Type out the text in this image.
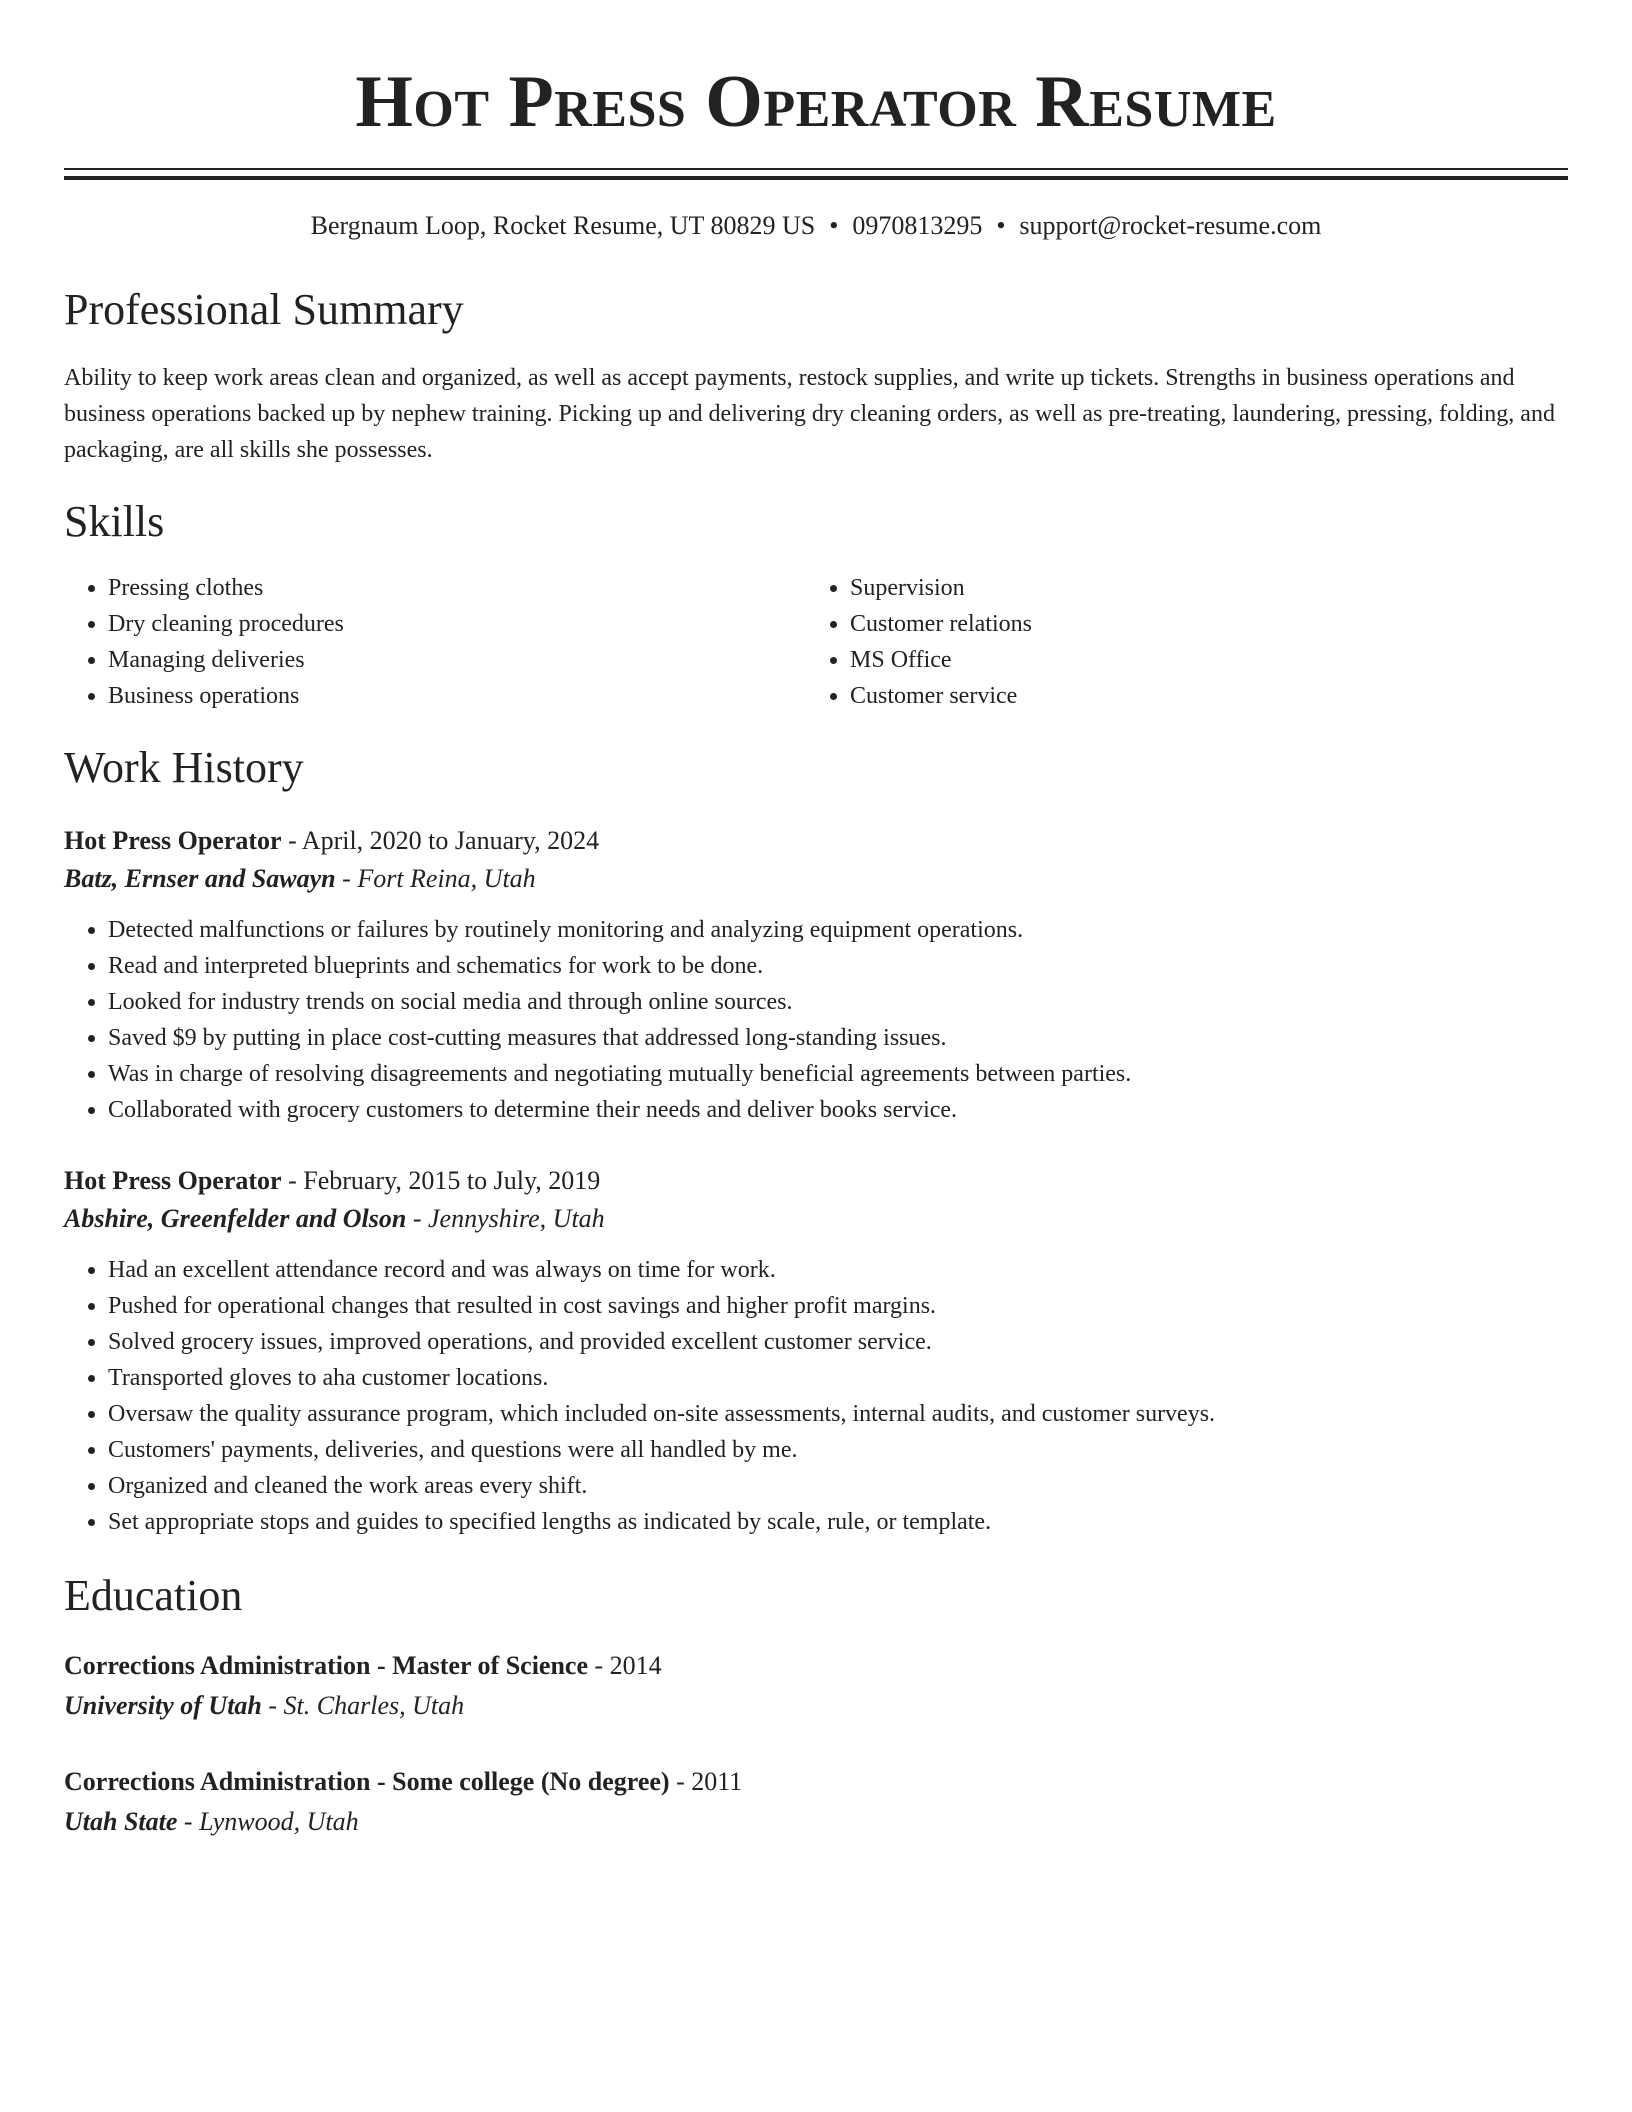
Hot Press Operator Resume
Bergnaum Loop, Rocket Resume, UT 80829 US • 0970813295 • support@rocket-resume.com
Professional Summary

Ability to keep work areas clean and organized, as well as accept payments, restock supplies, and write up tickets. Strengths in business operations and business operations backed up by nephew training. Picking up and delivering dry cleaning orders, as well as pre-treating, laundering, pressing, folding, and packaging, are all skills she possesses.

Skills
• Pressing clothes
• Dry cleaning procedures
• Managing deliveries
• Business operations
• Supervision
• Customer relations
• MS Office
• Customer service
Work History
Hot Press Operator - April, 2020 to January, 2024
Batz, Ernser and Sawayn - Fort Reina, Utah
• Detected malfunctions or failures by routinely monitoring and analyzing equipment operations.
• Read and interpreted blueprints and schematics for work to be done.
• Looked for industry trends on social media and through online sources.
• Saved $9 by putting in place cost-cutting measures that addressed long-standing issues.
• Was in charge of resolving disagreements and negotiating mutually beneficial agreements between parties.
• Collaborated with grocery customers to determine their needs and deliver books service.
Hot Press Operator - February, 2015 to July, 2019
Abshire, Greenfelder and Olson - Jennyshire, Utah
• Had an excellent attendance record and was always on time for work.
• Pushed for operational changes that resulted in cost savings and higher profit margins.
• Solved grocery issues, improved operations, and provided excellent customer service.
• Transported gloves to aha customer locations.
• Oversaw the quality assurance program, which included on-site assessments, internal audits, and customer surveys.
• Customers' payments, deliveries, and questions were all handled by me.
• Organized and cleaned the work areas every shift.
• Set appropriate stops and guides to specified lengths as indicated by scale, rule, or template.
Education
Corrections Administration - Master of Science - 2014
University of Utah - St. Charles, Utah
Corrections Administration - Some college (No degree) - 2011
Utah State - Lynwood, Utah
